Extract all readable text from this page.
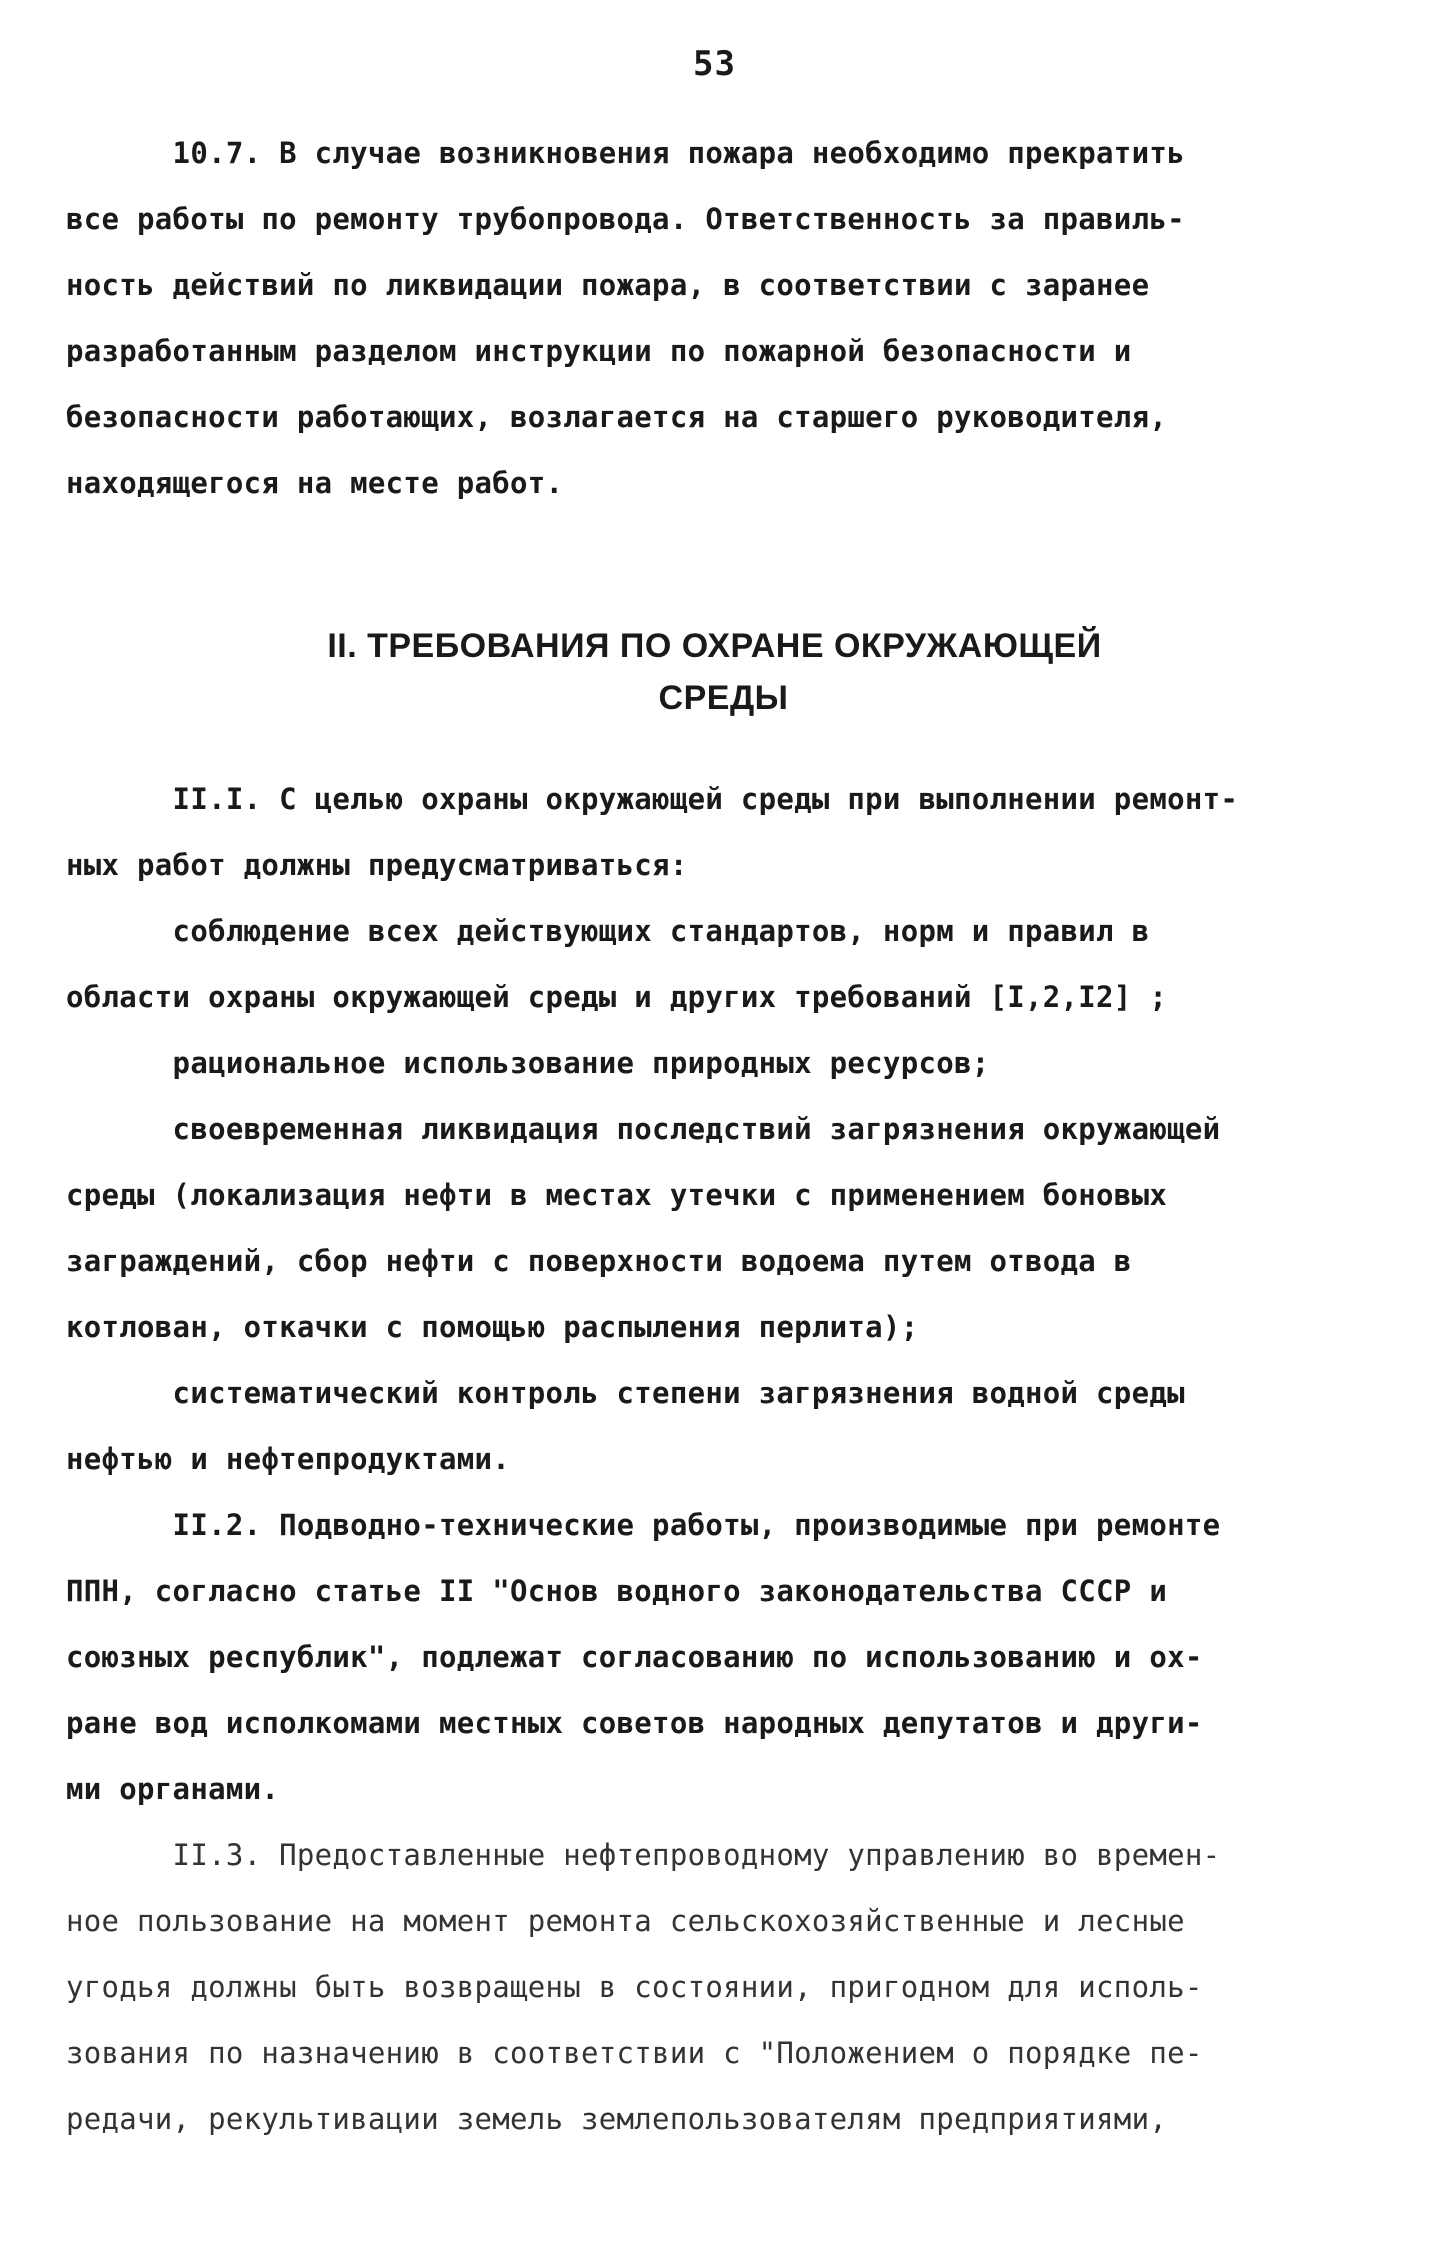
53
10.7. В случае возникновения пожара необходимо прекратить
все работы по ремонту трубопровода. Ответственность за правиль-
ность действий по ликвидации пожара, в соответствии с заранее
разработанным разделом инструкции по пожарной безопасности и
безопасности работающих, возлагается на старшего руководителя,
находящегося на месте работ.
II. ТРЕБОВАНИЯ ПО ОХРАНЕ ОКРУЖАЮЩЕЙ
СРЕДЫ
II.I. С целью охраны окружающей среды при выполнении ремонт-
ных работ должны предусматриваться:
соблюдение всех действующих стандартов, норм и правил в
области охраны окружающей среды и других требований [I,2,I2] ;
рациональное использование природных ресурсов;
своевременная ликвидация последствий загрязнения окружающей
среды (локализация нефти в местах утечки с применением боновых
заграждений, сбор нефти с поверхности водоема путем отвода в
котлован, откачки с помощью распыления перлита);
систематический контроль степени загрязнения водной среды
нефтью и нефтепродуктами.
II.2. Подводно-технические работы, производимые при ремонте
ППН, согласно статье II "Основ водного законодательства СССР и
союзных республик", подлежат согласованию по использованию и ох-
ране вод исполкомами местных советов народных депутатов и други-
ми органами.
II.3. Предоставленные нефтепроводному управлению во времен-
ное пользование на момент ремонта сельскохозяйственные и лесные
угодья должны быть возвращены в состоянии, пригодном для исполь-
зования по назначению в соответствии с "Положением о порядке пе-
редачи, рекультивации земель землепользователям предприятиями,
